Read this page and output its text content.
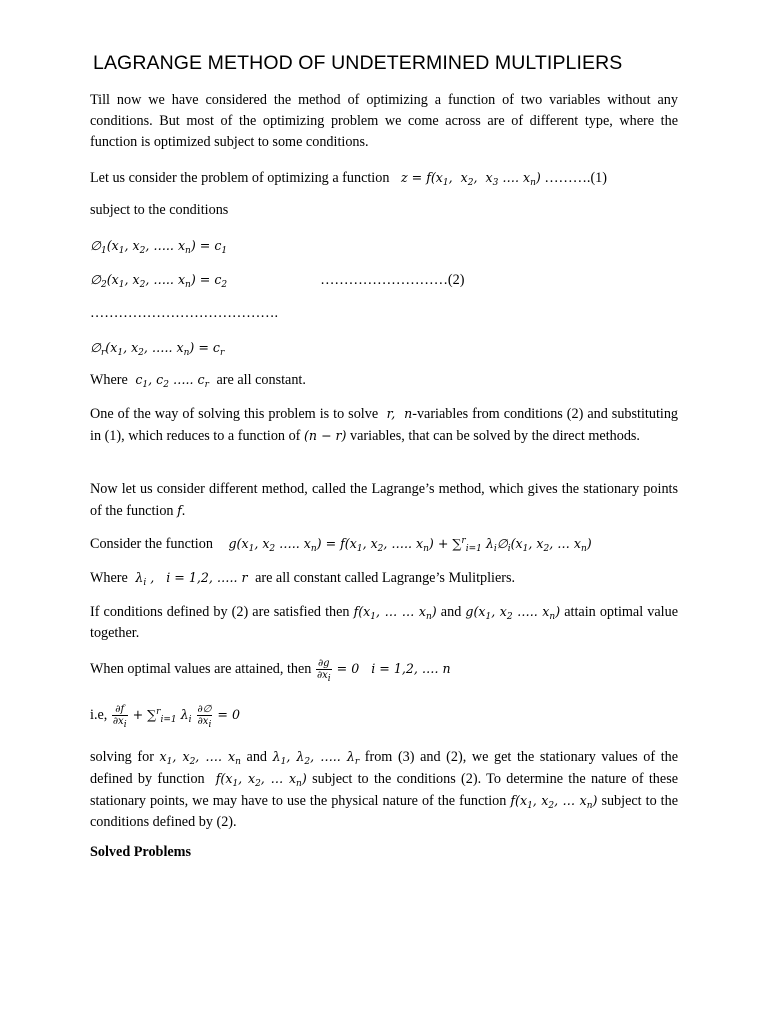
LAGRANGE METHOD OF UNDETERMINED MULTIPLIERS
Till now we have considered the method of optimizing a function of two variables without any conditions. But most of the optimizing problem we come across are of different type, where the function is optimized subject to some conditions.
Let us consider the problem of optimizing a function   $z = f(x_1$,  $x_2$,  $x_3$ …. $x_n$) ……….(1)
subject to the conditions
$\emptyset_1(x_1$, $x_2$, ….. $x_n) = c_1$
$\emptyset_2(x_1$, $x_2$, ….. $x_n) = c_2$	………………………(2)
………………………………….
$\emptyset_r(x_1$, $x_2$, ….. $x_n) = c_r$
Where  $c_1$, $c_2$ ….. $c_r$ are all constant.
One of the way of solving this problem is to solve  r,  n-variables from conditions (2) and substituting in (1), which reduces to a function of (n − r) variables, that can be solved by the direct methods.
Now let us consider different method, called the Lagrange’s method, which gives the stationary points of the function f.
Consider the function    $g(x_1$, $x_2$ ….. $x_n) = f(x_1$, $x_2$, ….. $x_n) + \sum^r_{i=1}$ $\lambda_i\emptyset_i(x_1$, $x_2$, … $x_n$)
Where  $\lambda_i$ ,   i = 1,2, ….. r  are all constant called Lagrange’s Mulitpliers.
If conditions defined by (2) are satisfied then $f(x_1$, … … $x_n$) and $g(x_1$, $x_2$ ….. $x_n$) attain optimal value together.
When optimal values are attained, then $\frac{\partial g}{\partial x_i} = 0$   i = 1,2, …. n
i.e, $\frac{\partial f}{\partial x_i} + \sum^r_{i=1}$ $\lambda_i \frac{\partial\emptyset}{\partial x_i} = 0$
solving for $x_1$, $x_2$, …. $x_n$ and $\lambda_1$, $\lambda_2$, ….. $\lambda_r$ from (3) and (2), we get the stationary values of the defined by function  $f(x_1$, $x_2$, … $x_n$) subject to the conditions (2). To determine the nature of these stationary points, we may have to use the physical nature of the function $f(x_1$, $x_2$, … $x_n$) subject to the conditions defined by (2).
Solved Problems
